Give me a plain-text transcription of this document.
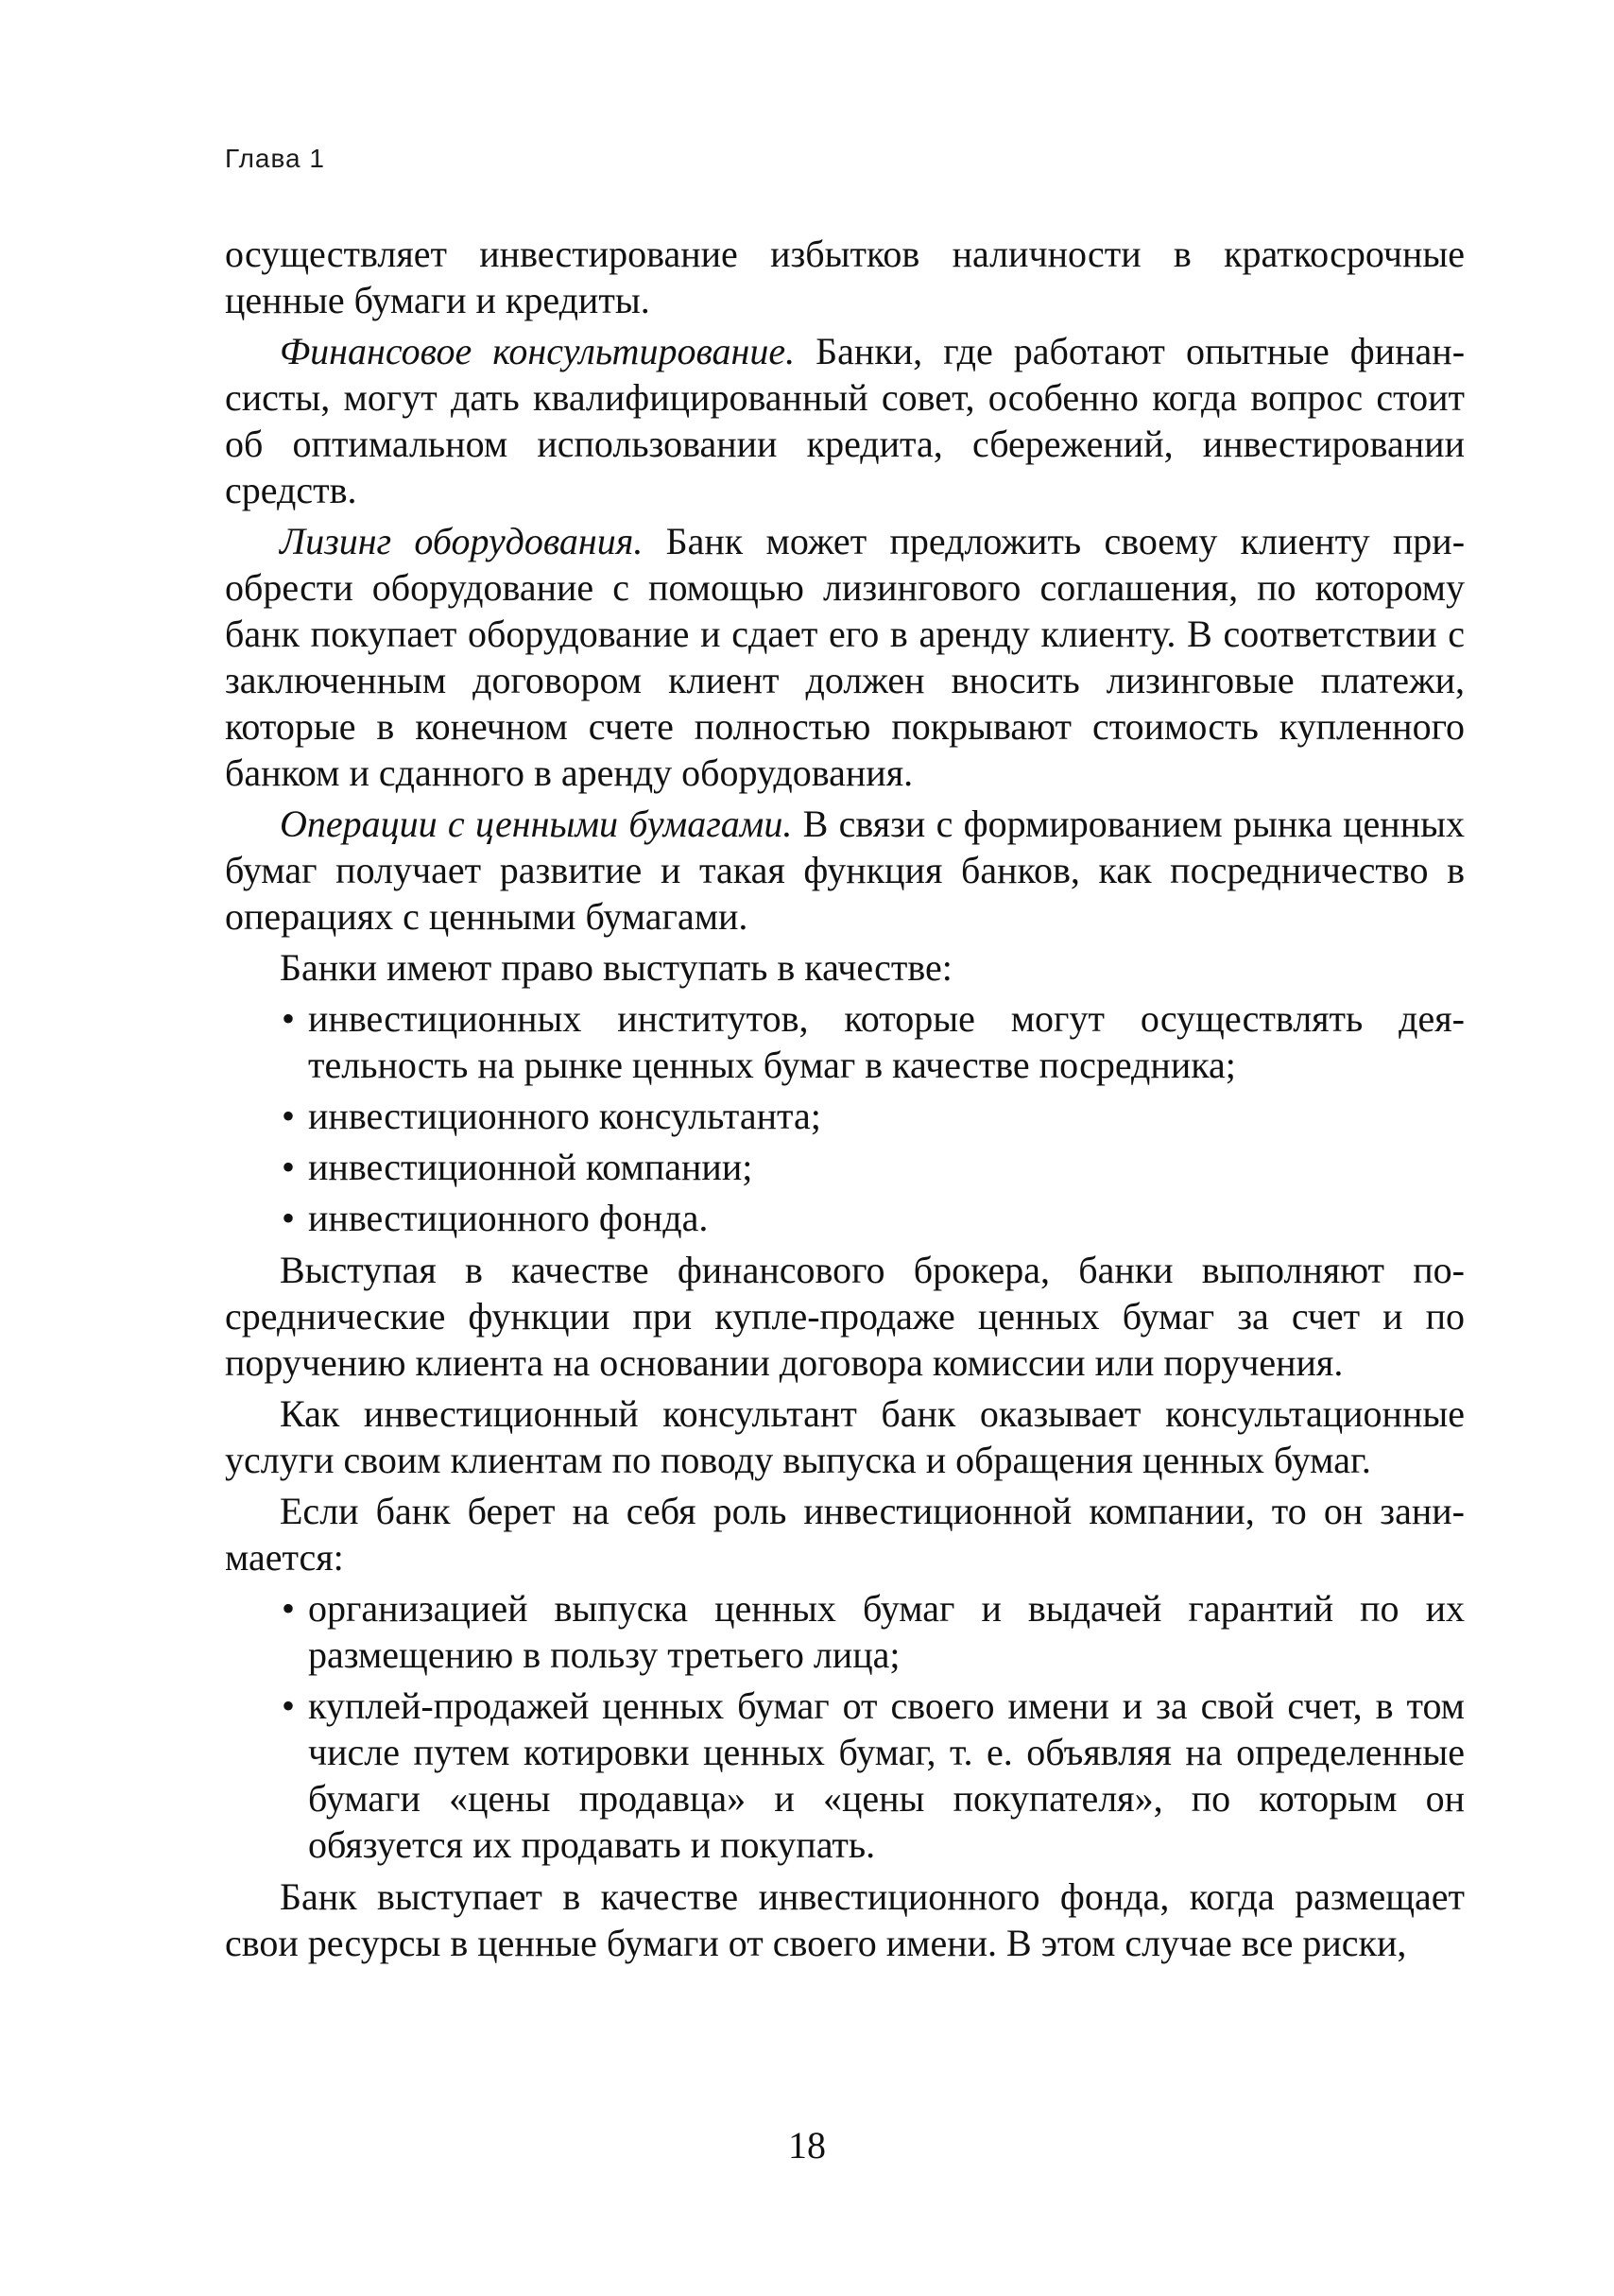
Глава 1

осуществляет инвестирование избытков наличности в краткосрочные ценные бумаги и кредиты.

Финансовое консультирование. Банки, где работают опытные финансисты, могут дать квалифицированный совет, особенно когда вопрос стоит об оптимальном использовании кредита, сбережений, инвестировании средств.

Лизинг оборудования. Банк может предложить своему клиенту приобрести оборудование с помощью лизингового соглашения, по которому банк покупает оборудование и сдает его в аренду клиенту. В соответствии с заключенным договором клиент должен вносить лизинговые платежи, которые в конечном счете полностью покрывают стоимость купленного банком и сданного в аренду оборудования.

Операции с ценными бумагами. В связи с формированием рынка ценных бумаг получает развитие и такая функция банков, как посредничество в операциях с ценными бумагами.

Банки имеют право выступать в качестве:

• инвестиционных институтов, которые могут осуществлять деятельность на рынке ценных бумаг в качестве посредника;
• инвестиционного консультанта;
• инвестиционной компании;
• инвестиционного фонда.

Выступая в качестве финансового брокера, банки выполняют посреднические функции при купле-продаже ценных бумаг за счет и по поручению клиента на основании договора комиссии или поручения.

Как инвестиционный консультант банк оказывает консультационные услуги своим клиентам по поводу выпуска и обращения ценных бумаг.

Если банк берет на себя роль инвестиционной компании, то он занимается:

• организацией выпуска ценных бумаг и выдачей гарантий по их размещению в пользу третьего лица;
• куплей-продажей ценных бумаг от своего имени и за свой счет, в том числе путем котировки ценных бумаг, т. е. объявляя на определенные бумаги «цены продавца» и «цены покупателя», по которым он обязуется их продавать и покупать.

Банк выступает в качестве инвестиционного фонда, когда размещает свои ресурсы в ценные бумаги от своего имени. В этом случае все риски,

18
